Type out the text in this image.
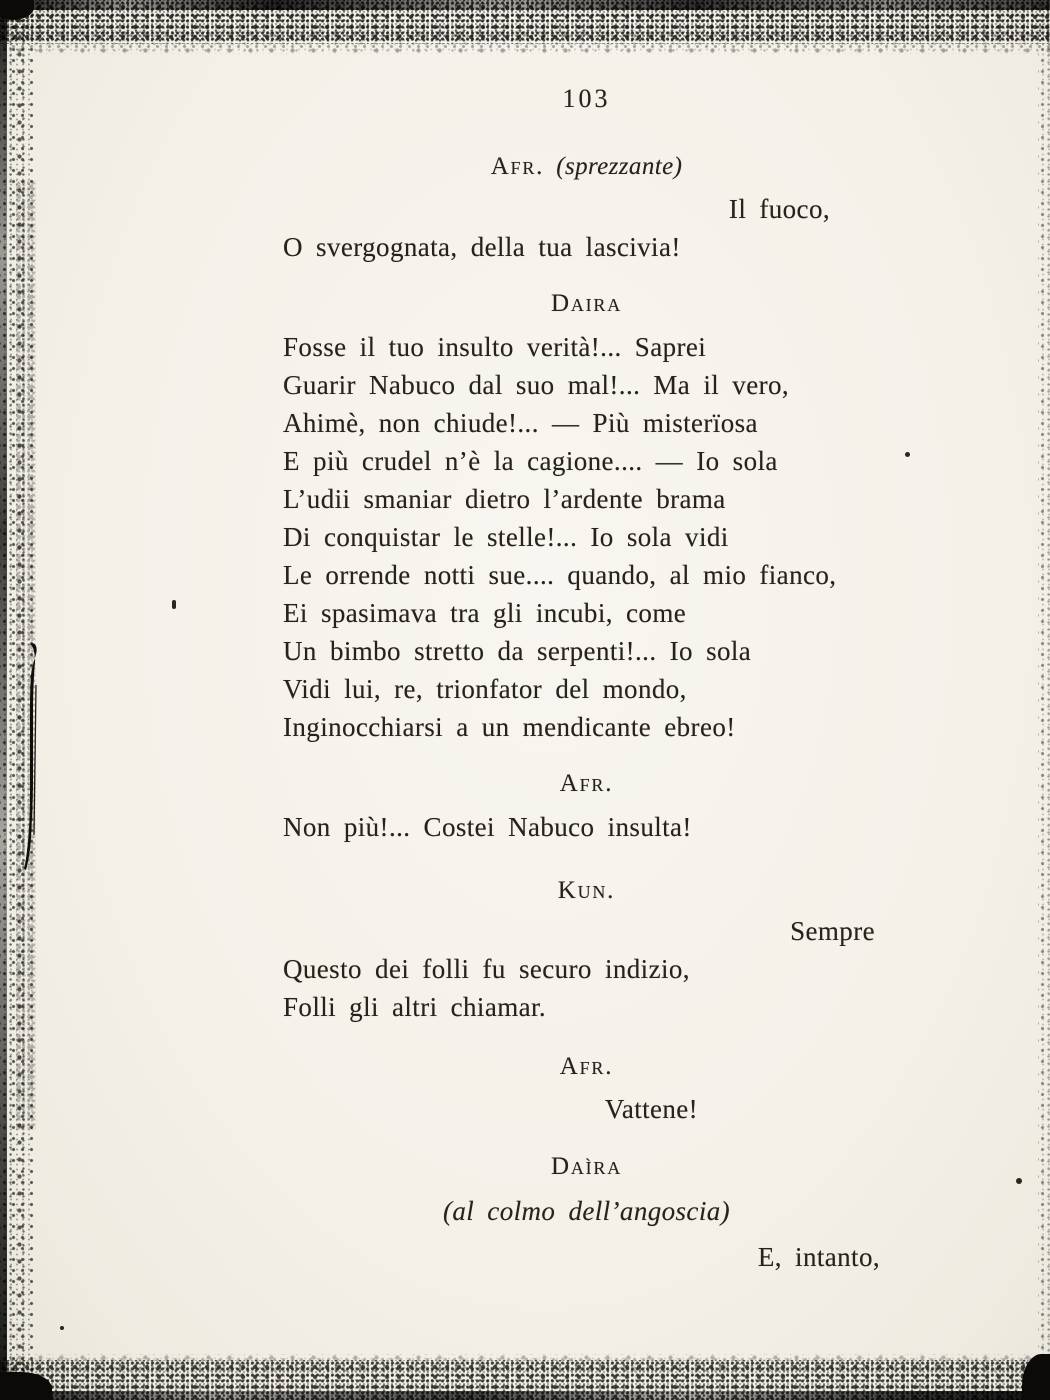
103

Afr. (sprezzante)

Il fuoco,

O svergognata, della tua lascivia!

Daira

Fosse il tuo insulto verità!... Saprei

Guarir Nabuco dal suo mal!... Ma il vero,

Ahimè, non chiude!... — Più misterïosa

E più crudel n’è la cagione.... — Io sola

L’udii smaniar dietro l’ardente brama

Di conquistar le stelle!... Io sola vidi

Le orrende notti sue.... quando, al mio fianco,

Ei spasimava tra gli incubi, come

Un bimbo stretto da serpenti!... Io sola

Vidi lui, re, trionfator del mondo,

Inginocchiarsi a un mendicante ebreo!

Afr.

Non più!... Costei Nabuco insulta!

Kun.

Sempre

Questo dei folli fu securo indizio,

Folli gli altri chiamar.

Afr.

Vattene!

Daìra

(al colmo dell’angoscia)

E, intanto,
